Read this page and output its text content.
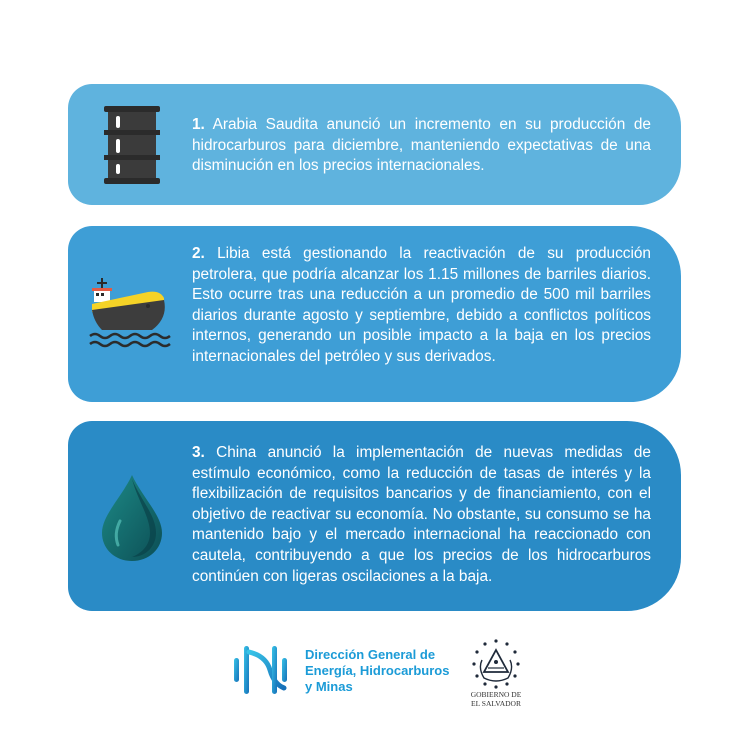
1. Arabia Saudita anunció un incremento en su producción de hidrocarburos para diciembre, manteniendo expectativas de una disminución en los precios internacionales.

2. Libia está gestionando la reactivación de su producción petrolera, que podría alcanzar los 1.15 millones de barriles diarios. Esto ocurre tras una reducción a un promedio de 500 mil barriles diarios durante agosto y septiembre, debido a conflictos políticos internos, generando un posible impacto a la baja en los precios internacionales del petróleo y sus derivados.

3. China anunció la implementación de nuevas medidas de estímulo económico, como la reducción de tasas de interés y la flexibilización de requisitos bancarios y de financiamiento, con el objetivo de reactivar su economía. No obstante, su consumo se ha mantenido bajo y el mercado internacional ha reaccionado con cautela, contribuyendo a que los precios de los hidrocarburos continúen con ligeras oscilaciones a la baja.

Dirección General de
Energía, Hidrocarburos
y Minas

GOBIERNO DE
EL SALVADOR
